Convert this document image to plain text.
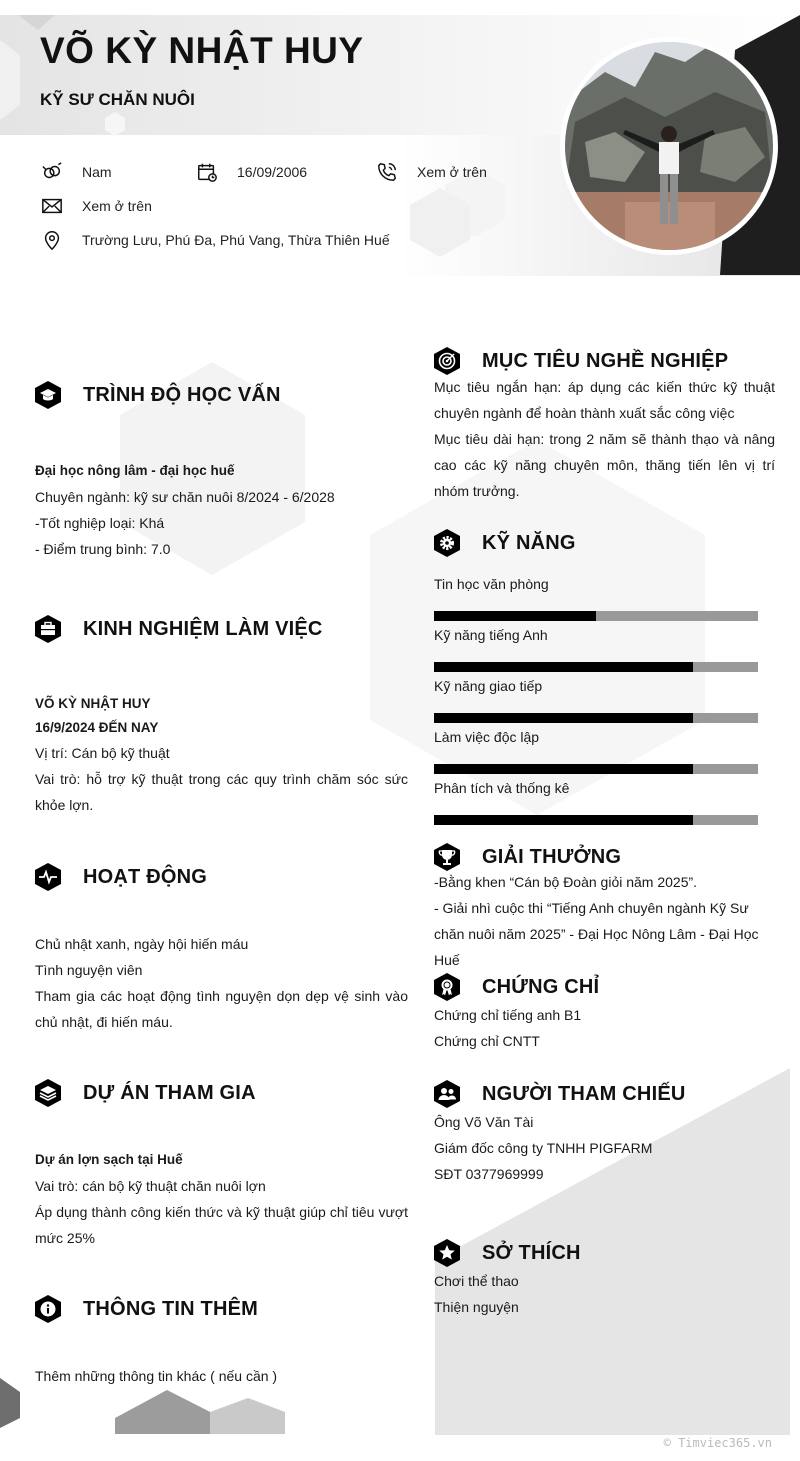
VÕ KỲ NHẬT HUY
KỸ SƯ CHĂN NUÔI
Nam	16/09/2006	Xem ở trên
Xem ở trên
Trường Lưu, Phú Đa, Phú Vang, Thừa Thiên Huế
TRÌNH ĐỘ HỌC VẤN
Đại học nông lâm - đại học huế
Chuyên ngành: kỹ sư chăn nuôi 8/2024 - 6/2028
-Tốt nghiệp loại: Khá
- Điểm trung bình: 7.0
KINH NGHIỆM LÀM VIỆC
VÕ KỲ NHẬT HUY
16/9/2024 ĐẾN NAY
Vị trí: Cán bộ kỹ thuật
Vai trò: hỗ trợ kỹ thuật trong các quy trình chăm sóc sức khỏe lợn.
HOẠT ĐỘNG
Chủ nhật xanh, ngày hội hiến máu
Tình nguyện viên
Tham gia các hoạt động tình nguyện dọn dẹp vệ sinh vào chủ nhật, đi hiến máu.
DỰ ÁN THAM GIA
Dự án lợn sạch tại Huế
Vai trò: cán bộ kỹ thuật chăn nuôi lợn
Áp dụng thành công kiến thức và kỹ thuật giúp chỉ tiêu vượt mức 25%
THÔNG TIN THÊM
Thêm những thông tin khác ( nếu cần )
MỤC TIÊU NGHỀ NGHIỆP
Mục tiêu ngắn hạn: áp dụng các kiến thức kỹ thuật chuyên ngành để hoàn thành xuất sắc công việc
Mục tiêu dài hạn: trong 2 năm sẽ thành thạo và nâng cao các kỹ năng chuyên môn, thăng tiến lên vị trí nhóm trưởng.
KỸ NĂNG
Tin học văn phòng
Kỹ năng tiếng Anh
Kỹ năng giao tiếp
Làm việc độc lập
Phân tích và thống kê
GIẢI THƯỞNG
-Bằng khen “Cán bộ Đoàn giỏi năm 2025”.
- Giải nhì cuộc thi “Tiếng Anh chuyên ngành Kỹ Sư chăn nuôi năm 2025” - Đại Học Nông Lâm - Đại Học Huế
CHỨNG CHỈ
Chứng chỉ tiếng anh B1
Chứng chỉ CNTT
NGƯỜI THAM CHIẾU
Ông Võ Văn Tài
Giám đốc công ty TNHH PIGFARM
SĐT 0377969999
SỞ THÍCH
Chơi thể thao
Thiện nguyện
© Timviec365.vn
